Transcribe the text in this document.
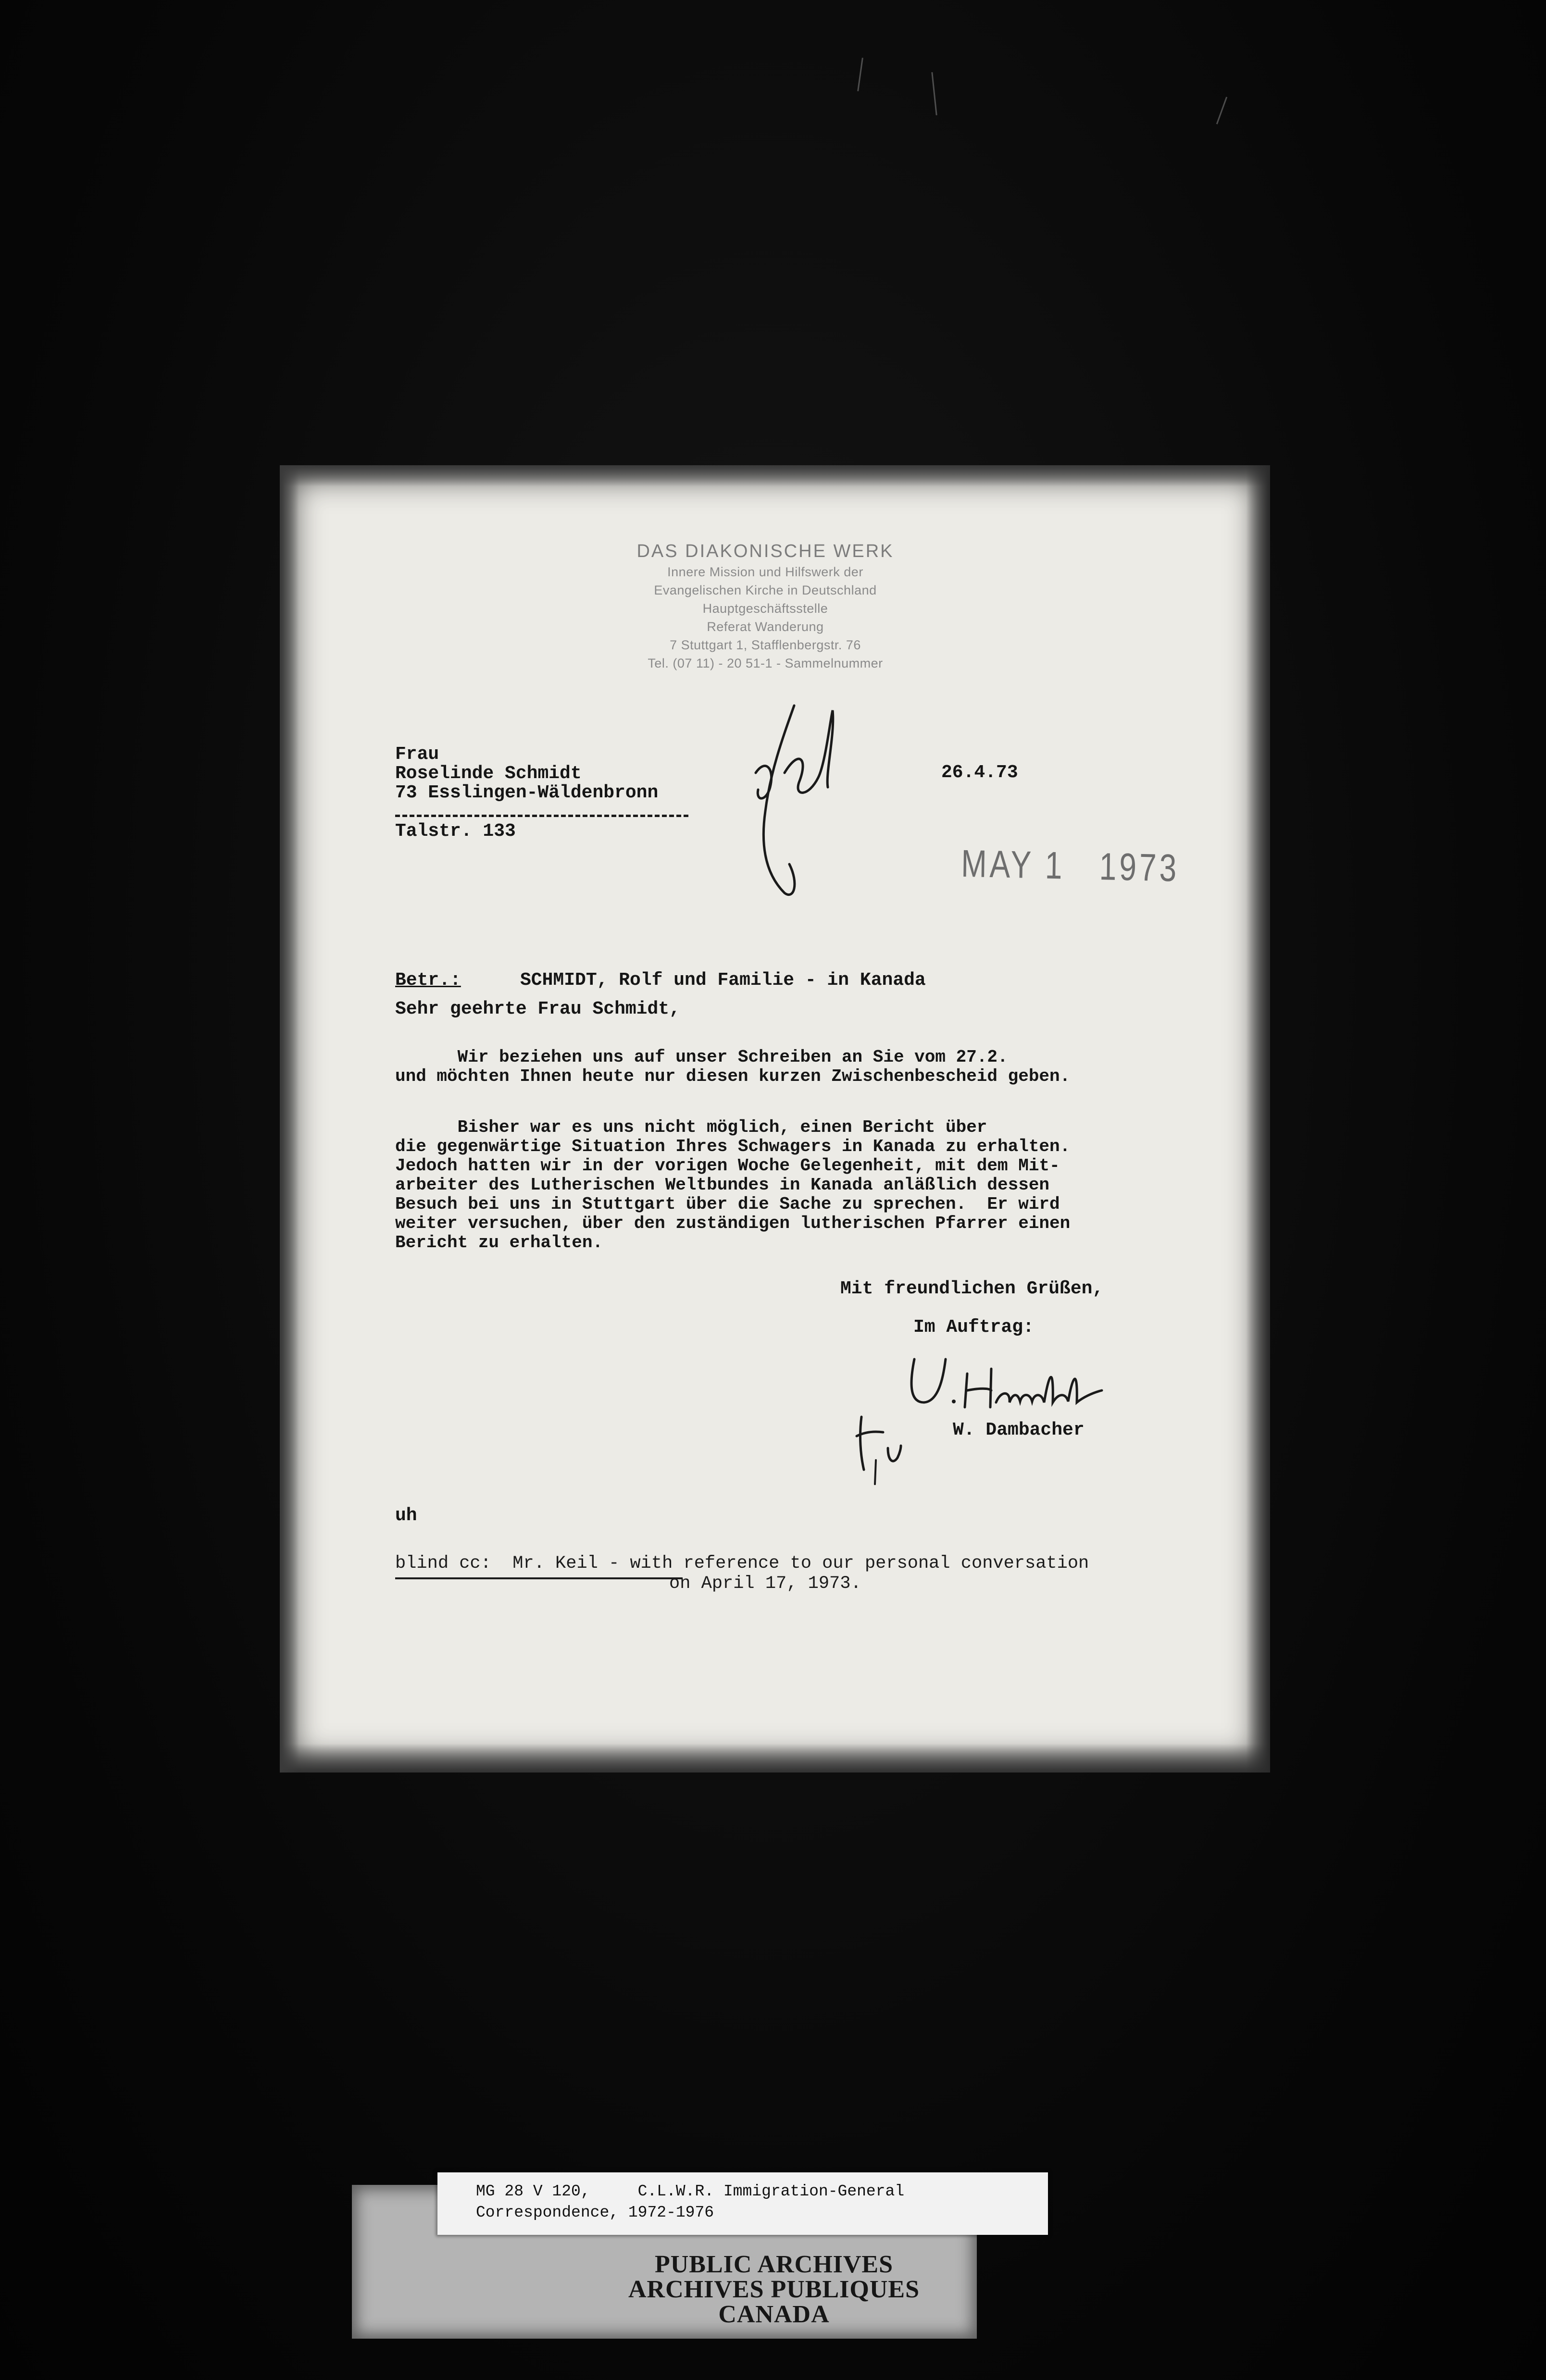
DAS DIAKONISCHE WERK
Innere Mission und Hilfswerk der
Evangelischen Kirche in Deutschland
Hauptgeschäftsstelle
Referat Wanderung
7 Stuttgart 1, Stafflenbergstr. 76
Tel. (07 11) - 20 51-1 - Sammelnummer
Frau
Roselinde Schmidt
73 Esslingen-Wäldenbronn
Talstr. 133
26.4.73
MAY 1   1973
Betr.:	SCHMIDT, Rolf und Familie - in Kanada
Sehr geehrte Frau Schmidt,
Wir beziehen uns auf unser Schreiben an Sie vom 27.2.
und möchten Ihnen heute nur diesen kurzen Zwischenbescheid geben.
Bisher war es uns nicht möglich, einen Bericht über
die gegenwärtige Situation Ihres Schwagers in Kanada zu erhalten.
Jedoch hatten wir in der vorigen Woche Gelegenheit, mit dem Mit-
arbeiter des Lutherischen Weltbundes in Kanada anläßlich dessen
Besuch bei uns in Stuttgart über die Sache zu sprechen.  Er wird
weiter versuchen, über den zuständigen lutherischen Pfarrer einen
Bericht zu erhalten.
Mit freundlichen Grüßen,
Im Auftrag:
W. Dambacher
uh
blind cc:  Mr. Keil - with reference to our personal conversation
on April 17, 1973.
MG 28 V 120,     C.L.W.R. Immigration-General
Correspondence, 1972-1976
PUBLIC ARCHIVES
ARCHIVES PUBLIQUES
CANADA
